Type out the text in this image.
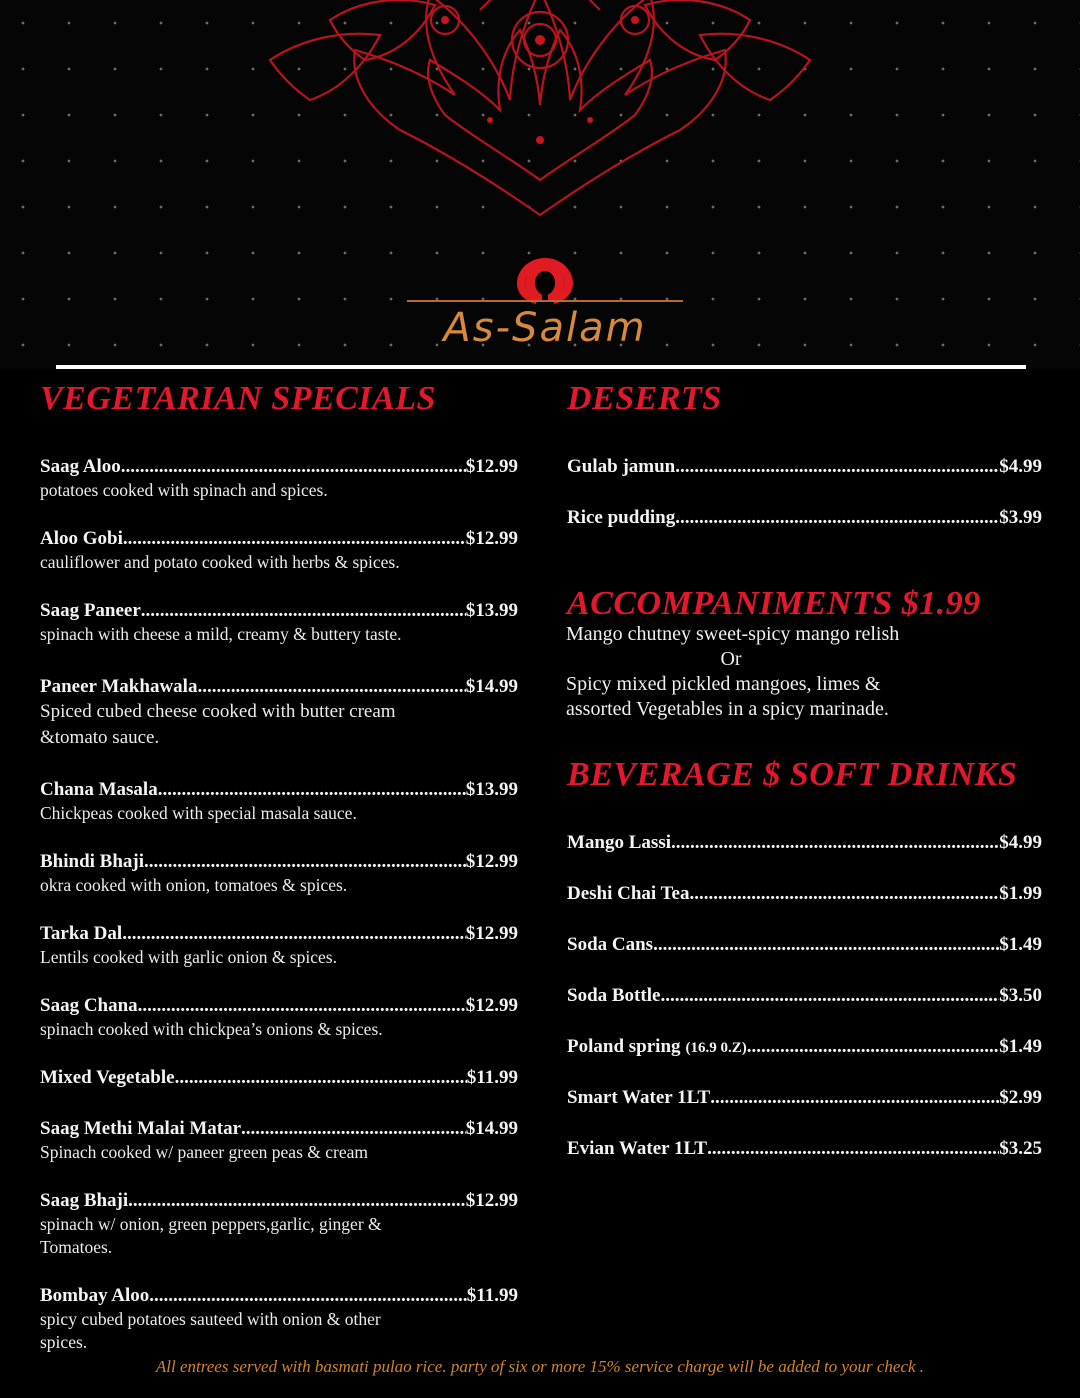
As-Salam
VEGETARIAN SPECIALS
Saag Aloo .....	$12.99
potatoes cooked with spinach and spices.
Aloo Gobi .....	$12.99
cauliflower and potato cooked with herbs & spices.
Saag Paneer .....	$13.99
spinach with cheese a mild, creamy & buttery taste.
Paneer Makhawala .....	$14.99
Spiced cubed cheese cooked with butter cream &tomato sauce.
Chana Masala .....	$13.99
Chickpeas cooked with special masala sauce.
Bhindi Bhaji .....	$12.99
okra cooked with onion, tomatoes & spices.
Tarka Dal .....	$12.99
Lentils cooked with garlic onion & spices.
Saag Chana .....	$12.99
spinach cooked with chickpea’s onions & spices.
Mixed Vegetable .....	$11.99
Saag Methi Malai Matar .....	$14.99
Spinach cooked w/ paneer green peas & cream
Saag Bhaji .....	$12.99
spinach w/ onion, green peppers,garlic, ginger & Tomatoes.
Bombay Aloo .....	$11.99
spicy cubed potatoes sauteed with onion & other spices.
DESERTS
Gulab jamun .....	$4.99
Rice pudding .....	$3.99
ACCOMPANIMENTS $1.99
Mango chutney sweet-spicy mango relish
Or
Spicy mixed pickled mangoes, limes &
assorted Vegetables in a spicy marinade.
BEVERAGE $ SOFT DRINKS
Mango Lassi .....	$4.99
Deshi Chai Tea .....	$1.99
Soda Cans .....	$1.49
Soda Bottle .....	$3.50
Poland spring (16.9 0.Z) .....	$1.49
Smart Water 1LT .....	$2.99
Evian Water 1LT .....	$3.25
All entrees served with basmati pulao rice. party of six or more 15% service charge will be added to your check .
